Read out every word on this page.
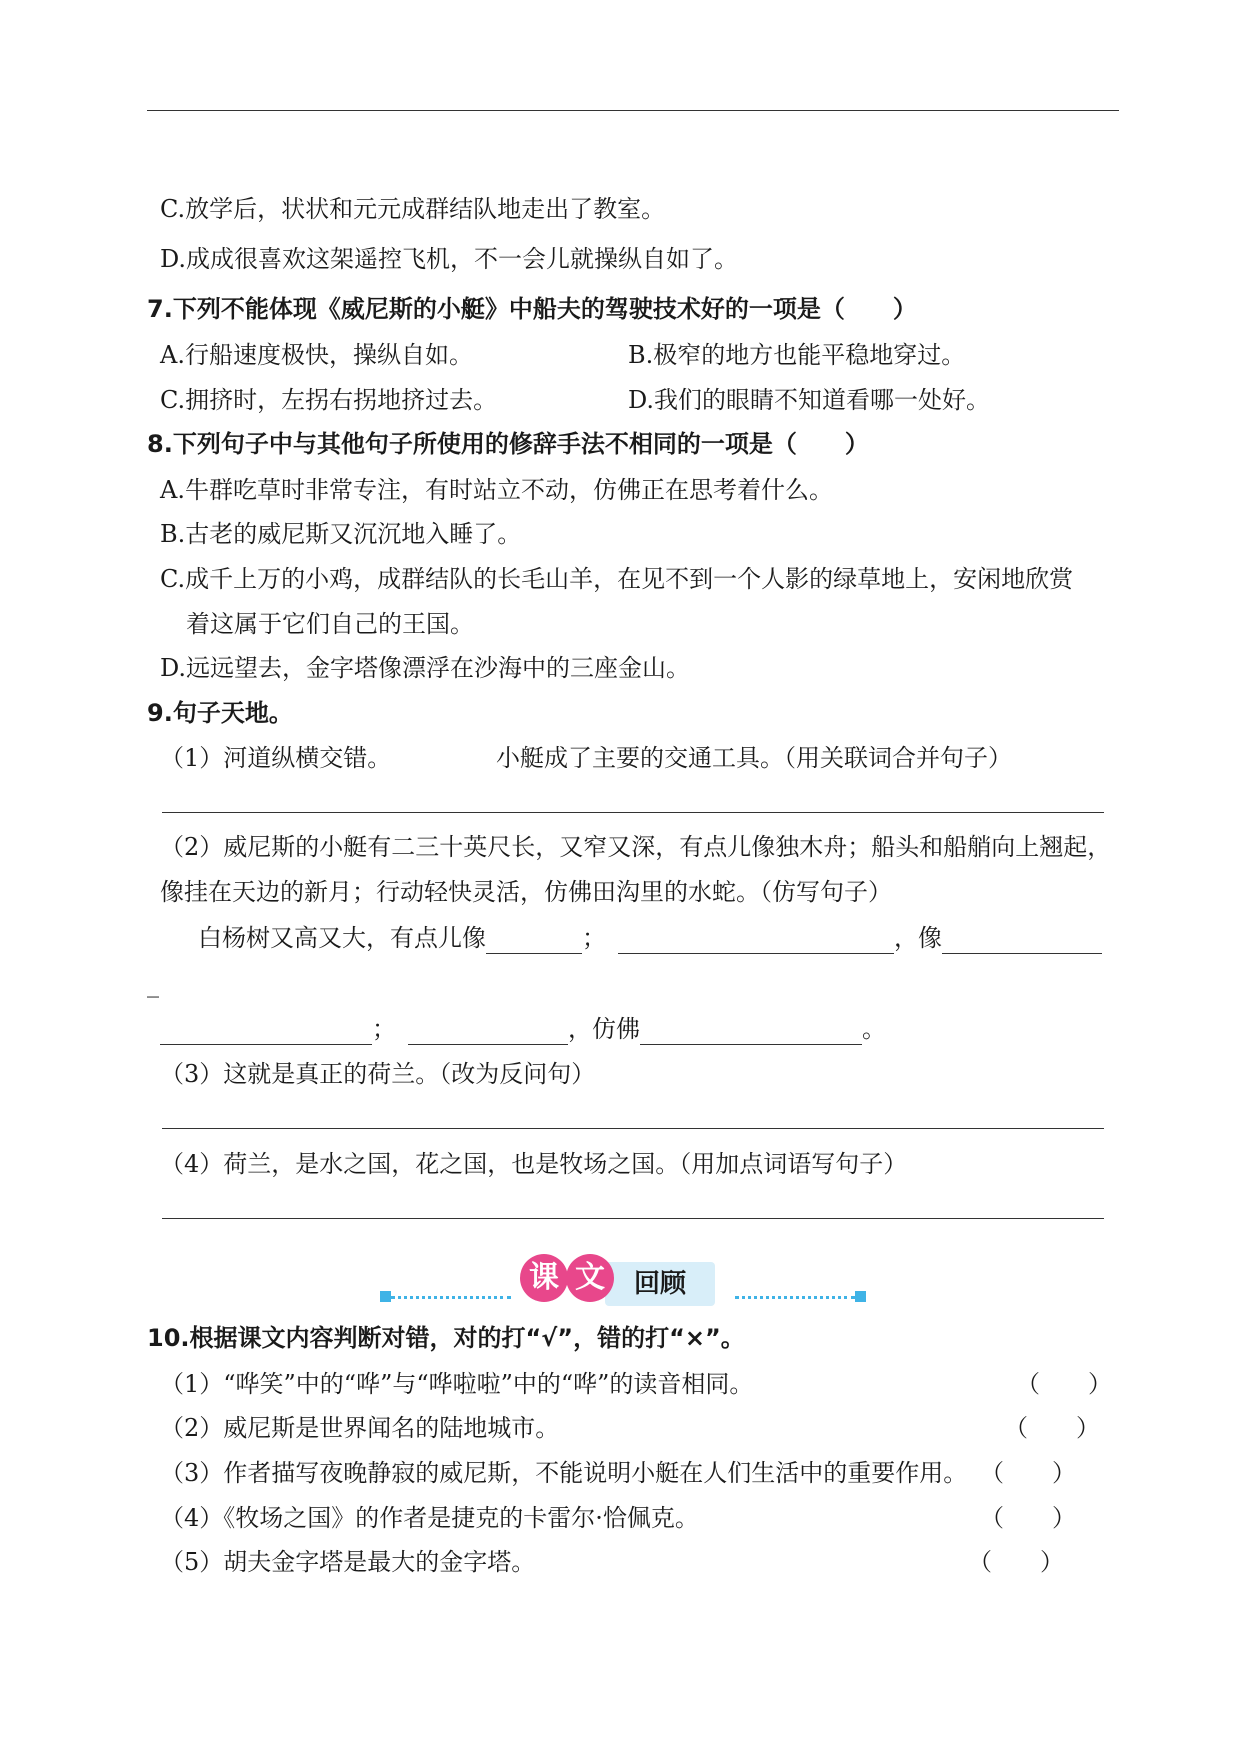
C.放学后，状状和元元成群结队地走出了教室。
D.成成很喜欢这架遥控飞机，不一会儿就操纵自如了。
7.下列不能体现《威尼斯的小艇》中船夫的驾驶技术好的一项是（　　）
A.行船速度极快，操纵自如。	B.极窄的地方也能平稳地穿过。
C.拥挤时，左拐右拐地挤过去。	D.我们的眼睛不知道看哪一处好。
8.下列句子中与其他句子所使用的修辞手法不相同的一项是（　　）
A.牛群吃草时非常专注，有时站立不动，仿佛正在思考着什么。
B.古老的威尼斯又沉沉地入睡了。
C.成千上万的小鸡，成群结队的长毛山羊，在见不到一个人影的绿草地上，安闲地欣赏
着这属于它们自己的王国。
D.远远望去，金字塔像漂浮在沙海中的三座金山。
9.句子天地。
（1）河道纵横交错。	小艇成了主要的交通工具。（用关联词合并句子）
（2）威尼斯的小艇有二三十英尺长，又窄又深，有点儿像独木舟；船头和船艄向上翘起，
像挂在天边的新月；行动轻快灵活，仿佛田沟里的水蛇。（仿写句子）
白杨树又高又大，有点儿像	；	，像
_
；	，仿佛	。
（3）这就是真正的荷兰。（改为反问句）
（4）荷兰，是水之国，花之国，也是牧场之国。（用加点词语写句子）
回顾
课 文
10.根据课文内容判断对错，对的打“√”，错的打“×”。
（1）“哗笑”中的“哗”与“哗啦啦”中的“哗”的读音相同。	（　　）
（2）威尼斯是世界闻名的陆地城市。	（　　）
（3）作者描写夜晚静寂的威尼斯，不能说明小艇在人们生活中的重要作用。 （　　）
（4）《牧场之国》的作者是捷克的卡雷尔·恰佩克。	（　　）
（5）胡夫金字塔是最大的金字塔。	（　　）
